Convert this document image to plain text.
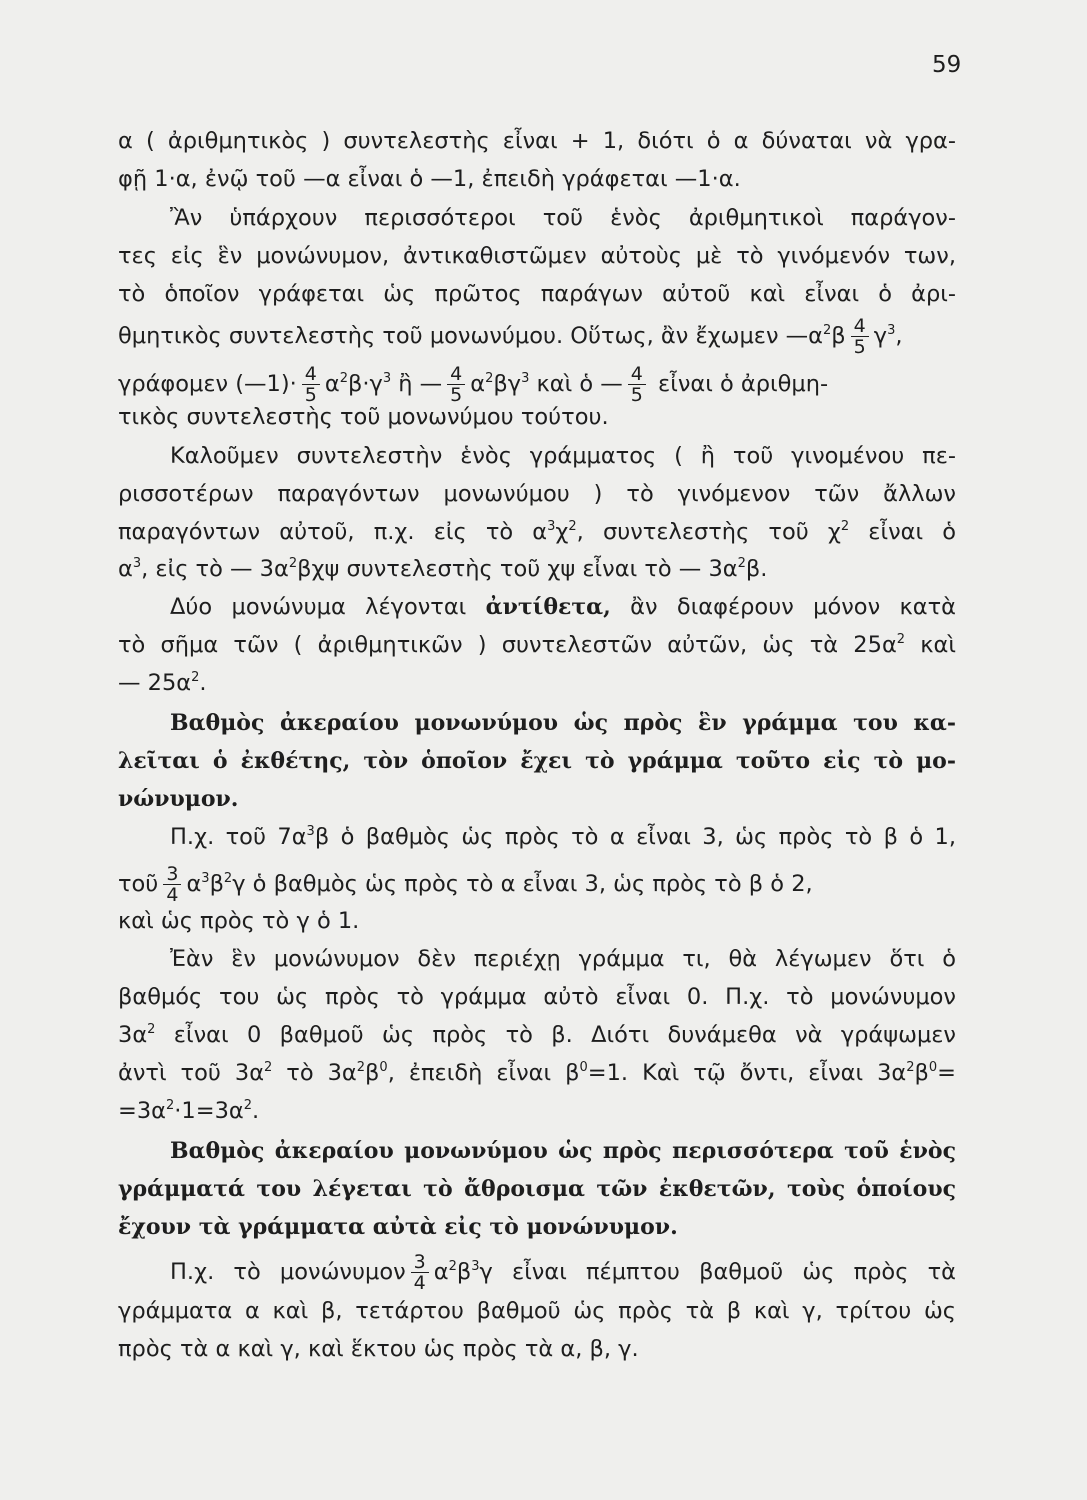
59
α ( ἀριθμητικὸς ) συντελεστὴς εἶναι + 1, διότι ὁ α δύναται νὰ γρα-
φῇ 1·α, ἐνῷ τοῦ —α εἶναι ὁ —1, ἐπειδὴ γράφεται —1·α.
Ἂν ὑπάρχουν περισσότεροι τοῦ ἑνὸς ἀριθμητικοὶ παράγον-
τες εἰς ἓν μονώνυμον, ἀντικαθιστῶμεν αὐτοὺς μὲ τὸ γινόμενόν των,
τὸ ὁποῖον γράφεται ὡς πρῶτος παράγων αὐτοῦ καὶ εἶναι ὁ ἀρι-
θμητικὸς συντελεστὴς τοῦ μονωνύμου. Οὕτως, ἂν ἔχωμεν $—\alpha^2\beta \frac{4}{5} \gamma^3$,
γράφομεν (—1)· $\frac{4}{5} \alpha^2\beta\cdot\gamma^3$ ἢ — $\frac{4}{5} \alpha^2\beta\gamma^3$ καὶ ὁ — $\frac{4}{5}$ εἶναι ὁ ἀριθμη-
τικὸς συντελεστὴς τοῦ μονωνύμου τούτου.
Καλοῦμεν συντελεστὴν ἑνὸς γράμματος ( ἢ τοῦ γινομένου πε-
ρισσοτέρων παραγόντων μονωνύμου ) τὸ γινόμενον τῶν ἄλλων
παραγόντων αὐτοῦ, π.χ. εἰς τὸ $\alpha^3\chi^2$, συντελεστὴς τοῦ $\chi^2$ εἶναι ὁ
$\alpha^3$, εἰς τὸ — $3\alpha^2\beta\chi\psi$ συντελεστὴς τοῦ χψ εἶναι τὸ — $3\alpha^2\beta$.
Δύο μονώνυμα λέγονται ἀντίθετα, ἂν διαφέρουν μόνον κατὰ
τὸ σῆμα τῶν ( ἀριθμητικῶν ) συντελεστῶν αὐτῶν, ὡς τὰ $25\alpha^2$ καὶ
— $25\alpha^2$.
Βαθμὸς ἀκεραίου μονωνύμου ὡς πρὸς ἓν γράμμα του κα-
λεῖται ὁ ἐκθέτης, τὸν ὁποῖον ἔχει τὸ γράμμα τοῦτο εἰς τὸ μο-
νώνυμον.
Π.χ. τοῦ $7\alpha^3\beta$ ὁ βαθμὸς ὡς πρὸς τὸ α εἶναι 3, ὡς πρὸς τὸ β ὁ 1,
τοῦ $\frac{3}{4} \alpha^3\beta^2\gamma$ ὁ βαθμὸς ὡς πρὸς τὸ α εἶναι 3, ὡς πρὸς τὸ β ὁ 2,
καὶ ὡς πρὸς τὸ γ ὁ 1.
Ἐὰν ἓν μονώνυμον δὲν περιέχῃ γράμμα τι, θὰ λέγωμεν ὅτι ὁ
βαθμός του ὡς πρὸς τὸ γράμμα αὐτὸ εἶναι 0. Π.χ. τὸ μονώνυμον
$3\alpha^2$ εἶναι 0 βαθμοῦ ὡς πρὸς τὸ β. Διότι δυνάμεθα νὰ γράψωμεν
ἀντὶ τοῦ $3\alpha^2$ τὸ $3\alpha^2\beta^0$, ἐπειδὴ εἶναι $\beta^0=1$. Καὶ τῷ ὄντι, εἶναι $3\alpha^2\beta^0=$
$=3\alpha^2\cdot 1=3\alpha^2$.
Βαθμὸς ἀκεραίου μονωνύμου ὡς πρὸς περισσότερα τοῦ ἑνὸς
γράμματά του λέγεται τὸ ἄθροισμα τῶν ἐκθετῶν, τοὺς ὁποίους
ἔχουν τὰ γράμματα αὐτὰ εἰς τὸ μονώνυμον.
Π.χ. τὸ μονώνυμον $\frac{3}{4} \alpha^2\beta^3\gamma$ εἶναι πέμπτου βαθμοῦ ὡς πρὸς τὰ
γράμματα α καὶ β, τετάρτου βαθμοῦ ὡς πρὸς τὰ β καὶ γ, τρίτου ὡς
πρὸς τὰ α καὶ γ, καὶ ἕκτου ὡς πρὸς τὰ α, β, γ.
